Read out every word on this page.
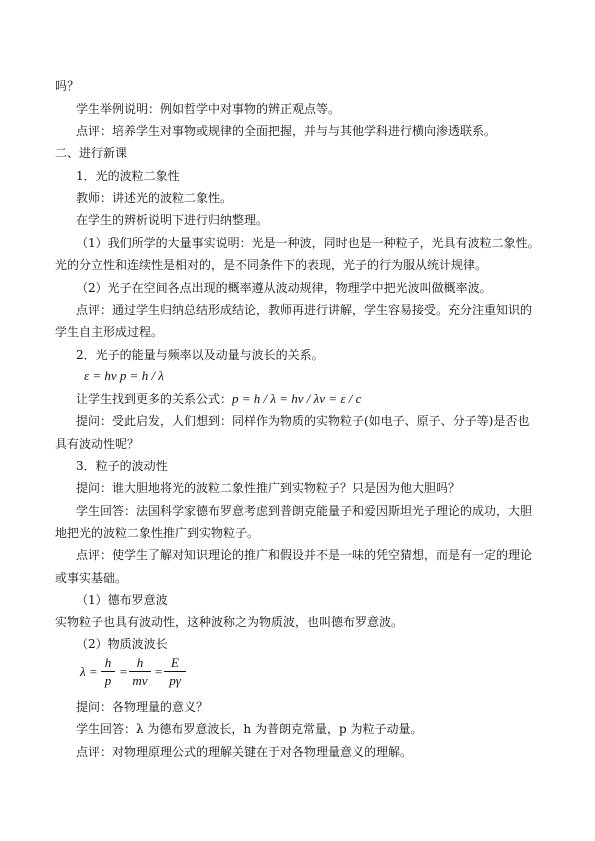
吗？
学生举例说明：例如哲学中对事物的辨正观点等。
点评：培养学生对事物或规律的全面把握，并与与其他学科进行横向渗透联系。
二、进行新课
1．光的波粒二象性
教师：讲述光的波粒二象性。
在学生的辨析说明下进行归纳整理。
（1）我们所学的大量事实说明：光是一种波，同时也是一种粒子，光具有波粒二象性。
光的分立性和连续性是相对的，是不同条件下的表现，光子的行为服从统计规律。
（2）光子在空间各点出现的概率遵从波动规律，物理学中把光波叫做概率波。
点评：通过学生归纳总结形成结论，教师再进行讲解，学生容易接受。充分注重知识的
学生自主形成过程。
2．光子的能量与频率以及动量与波长的关系。
ε = hν p = h / λ
让学生找到更多的关系公式： p = h / λ = hν / λν = ε / c
提问：受此启发，人们想到：同样作为物质的实物粒子(如电子、原子、分子等)是否也
具有波动性呢？
3．粒子的波动性
提问：谁大胆地将光的波粒二象性推广到实物粒子？只是因为他大胆吗？
学生回答：法国科学家德布罗意考虑到普朗克能量子和爱因斯坦光子理论的成功，大胆
地把光的波粒二象性推广到实物粒子。
点评：使学生了解对知识理论的推广和假设并不是一味的凭空猜想，而是有一定的理论
或事实基础。
（1）德布罗意波
实物粒子也具有波动性，这种波称之为物质波，也叫德布罗意波。
（2）物质波波长
λ =
h
p
=
h
mv
=
E
pγ
提问：各物理量的意义？
学生回答：λ 为德布罗意波长，h 为普朗克常量，p 为粒子动量。
点评：对物理原理公式的理解关键在于对各物理量意义的理解。
